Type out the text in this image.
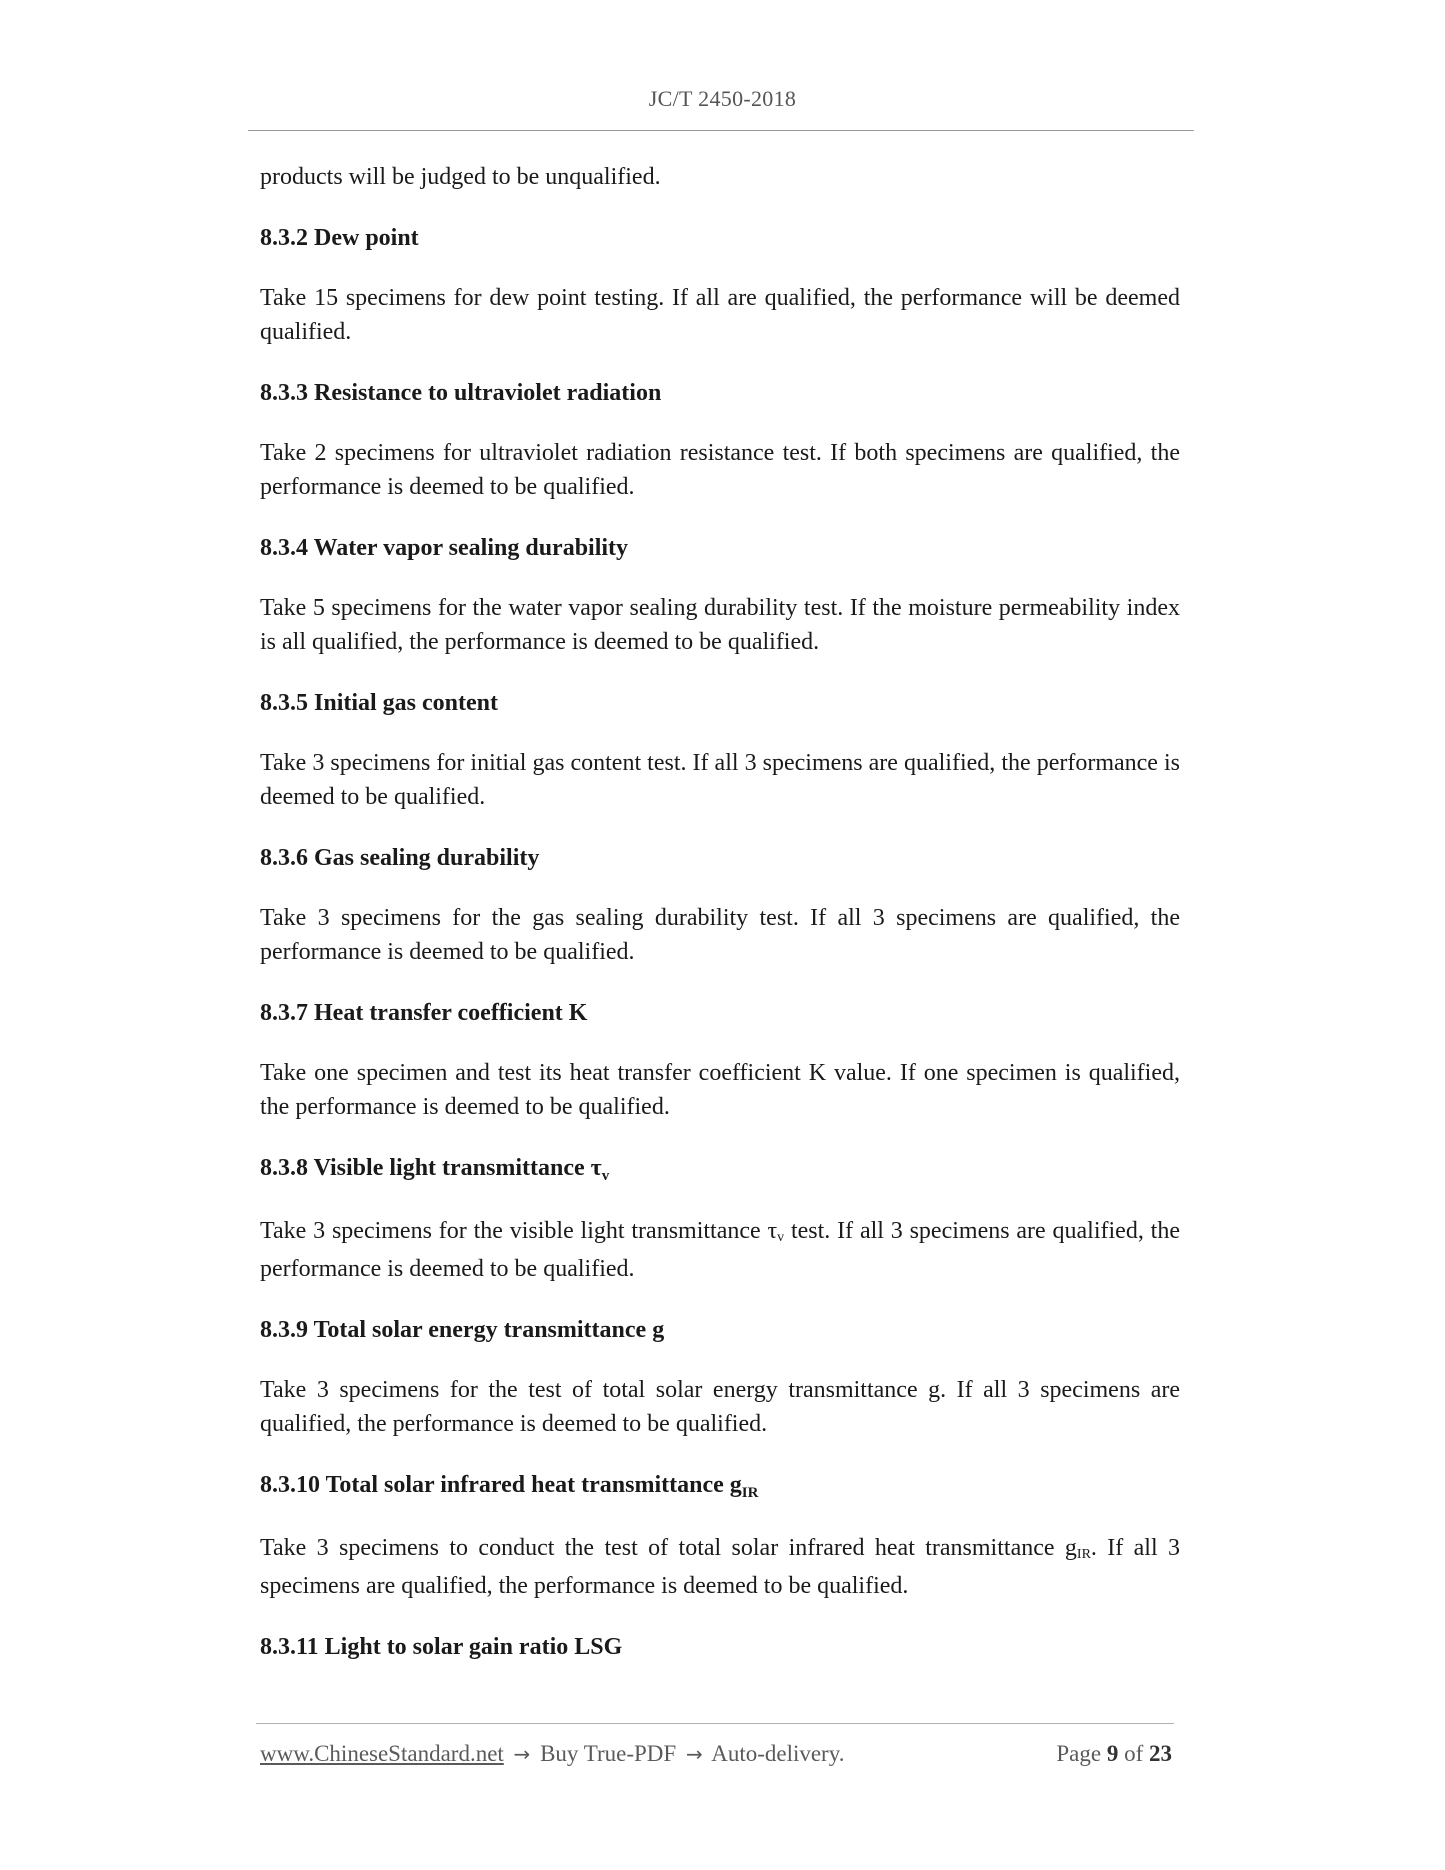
JC/T 2450-2018

products will be judged to be unqualified.

8.3.2 Dew point

Take 15 specimens for dew point testing. If all are qualified, the performance will be deemed qualified.

8.3.3 Resistance to ultraviolet radiation

Take 2 specimens for ultraviolet radiation resistance test. If both specimens are qualified, the performance is deemed to be qualified.

8.3.4 Water vapor sealing durability

Take 5 specimens for the water vapor sealing durability test. If the moisture permeability index is all qualified, the performance is deemed to be qualified.

8.3.5 Initial gas content

Take 3 specimens for initial gas content test. If all 3 specimens are qualified, the performance is deemed to be qualified.

8.3.6 Gas sealing durability

Take 3 specimens for the gas sealing durability test. If all 3 specimens are qualified, the performance is deemed to be qualified.

8.3.7 Heat transfer coefficient K

Take one specimen and test its heat transfer coefficient K value. If one specimen is qualified, the performance is deemed to be qualified.

8.3.8 Visible light transmittance $\tau_v$

Take 3 specimens for the visible light transmittance τv test. If all 3 specimens are qualified, the performance is deemed to be qualified.

8.3.9 Total solar energy transmittance g

Take 3 specimens for the test of total solar energy transmittance g. If all 3 specimens are qualified, the performance is deemed to be qualified.

8.3.10 Total solar infrared heat transmittance $g_{IR}$

Take 3 specimens to conduct the test of total solar infrared heat transmittance gIR. If all 3 specimens are qualified, the performance is deemed to be qualified.

8.3.11 Light to solar gain ratio LSG
www.ChineseStandard.net → Buy True-PDF → Auto-delivery.	Page 9 of 23
